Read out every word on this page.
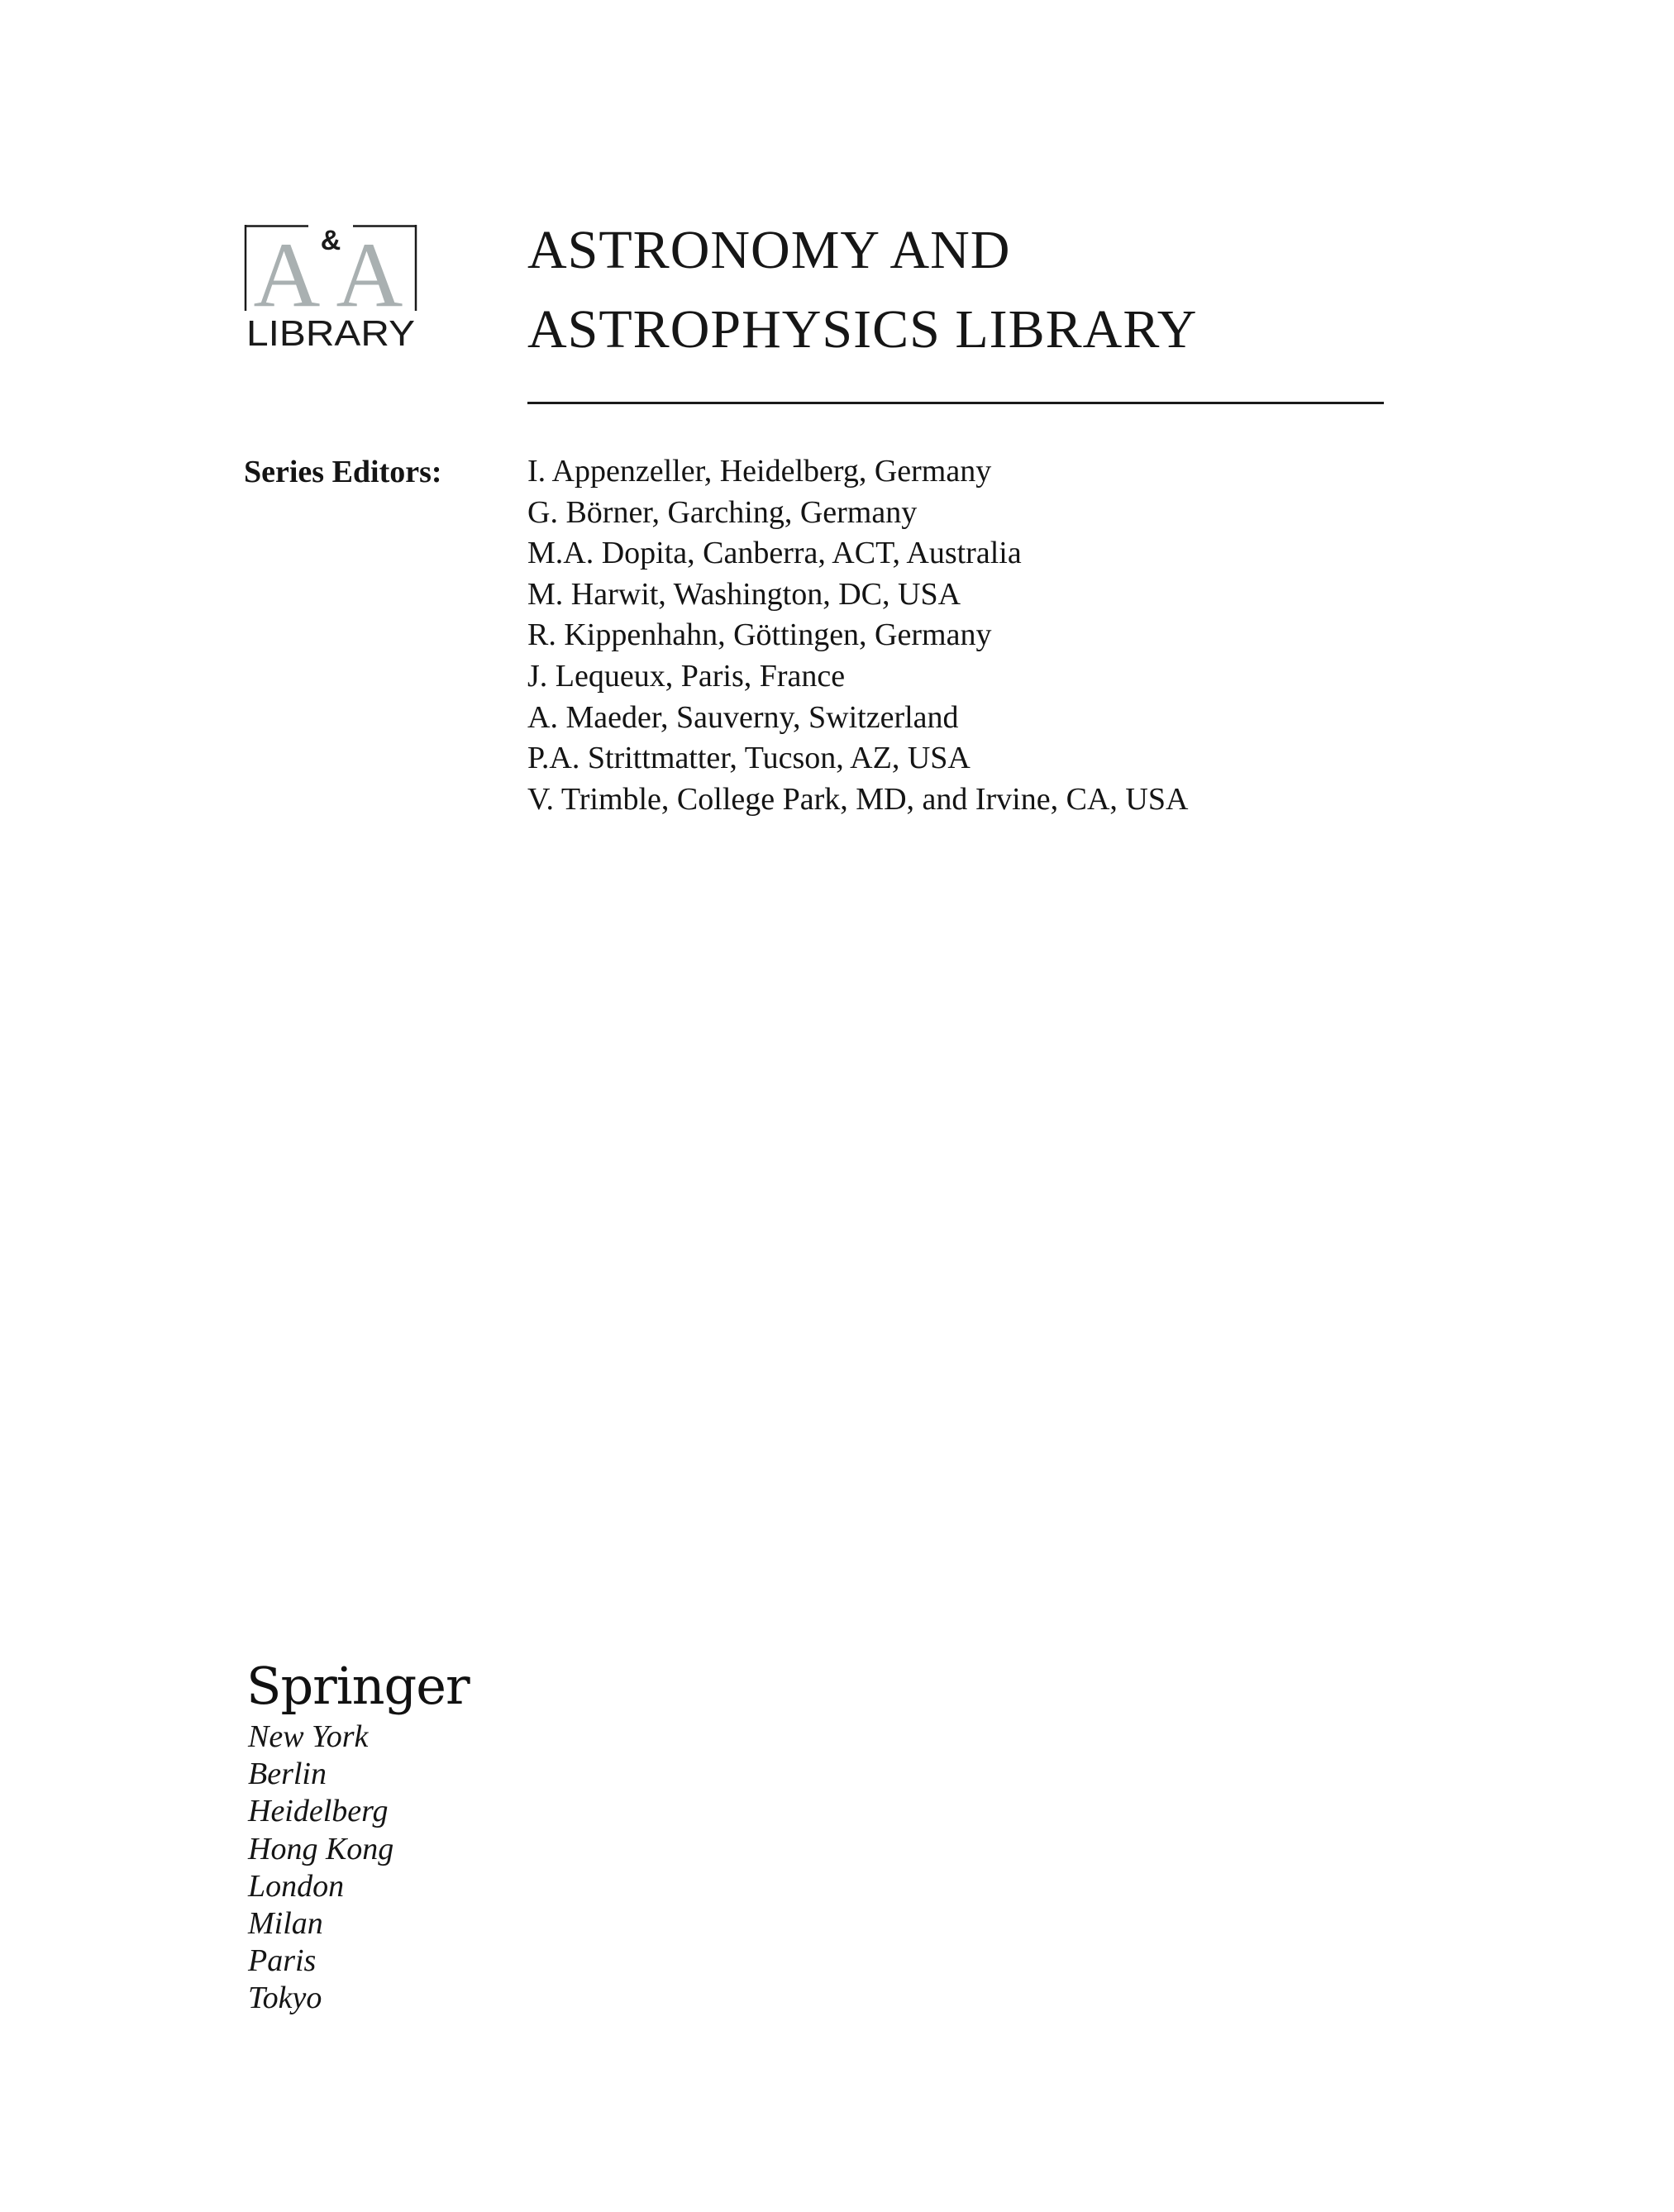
A A
&
LIBRARY
ASTRONOMY AND
ASTROPHYSICS LIBRARY
Series Editors:	I. Appenzeller, Heidelberg, Germany
G. Börner, Garching, Germany
M.A. Dopita, Canberra, ACT, Australia
M. Harwit, Washington, DC, USA
R. Kippenhahn, Göttingen, Germany
J. Lequeux, Paris, France
A. Maeder, Sauverny, Switzerland
P.A. Strittmatter, Tucson, AZ, USA
V. Trimble, College Park, MD, and Irvine, CA, USA
Springer
New York
Berlin
Heidelberg
Hong Kong
London
Milan
Paris
Tokyo
